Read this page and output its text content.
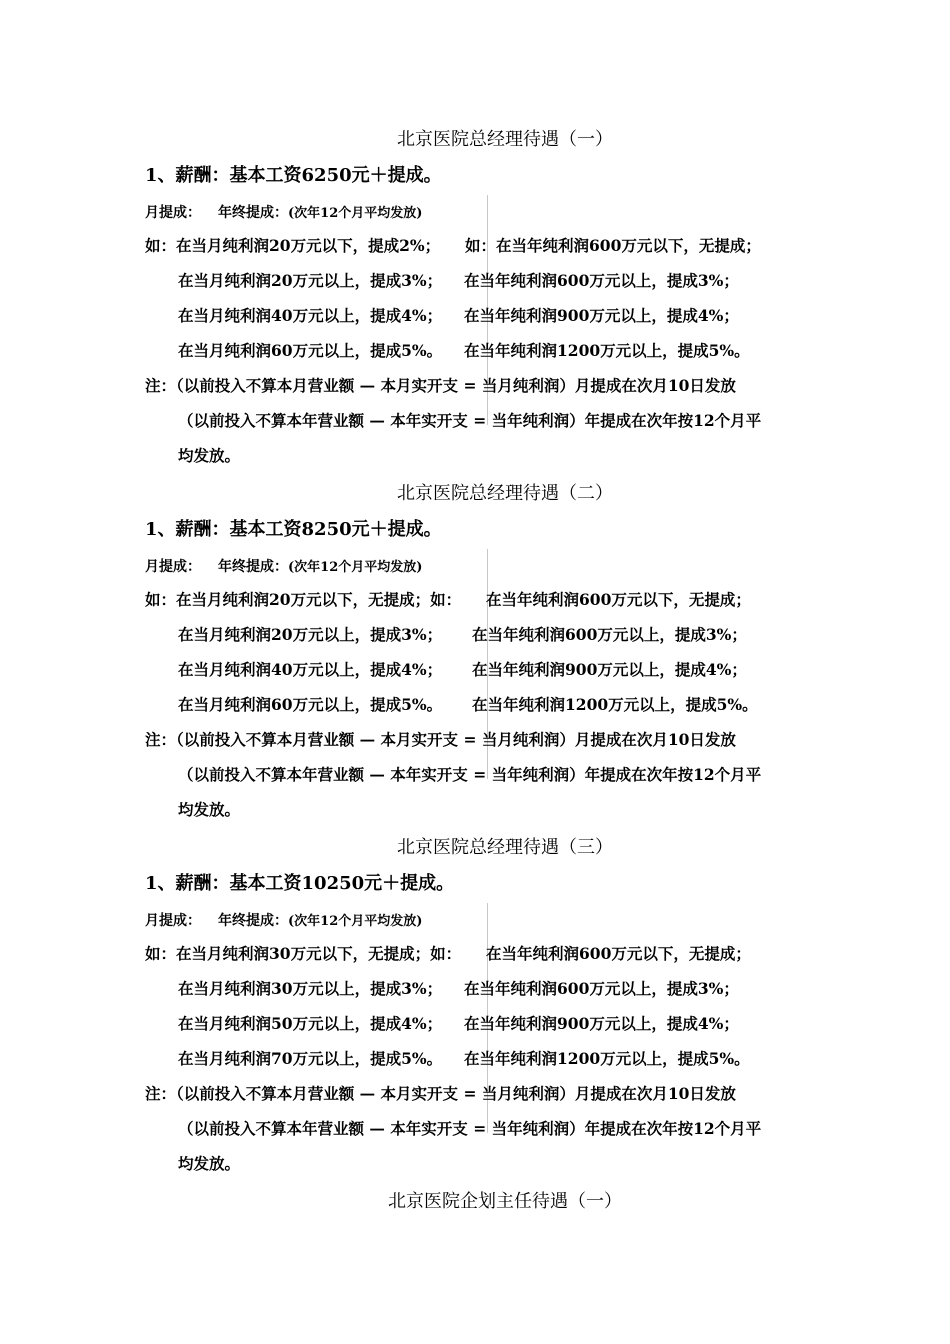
北京医院总经理待遇（一）
1、薪酬：基本工资6250元＋提成。
月提成： 年终提成：(次年12个月平均发放)
如：在当月纯利润20万元以下，提成2%； 如：在当年纯利润600万元以下，无提成；
在当月纯利润20万元以上，提成3%； 在当年纯利润600万元以上，提成3%；
在当月纯利润40万元以上，提成4%； 在当年纯利润900万元以上，提成4%；
在当月纯利润60万元以上，提成5%。 在当年纯利润1200万元以上，提成5%。
注：（以前投入不算本月营业额 — 本月实开支 = 当月纯利润）月提成在次月10日发放
（以前投入不算本年营业额 — 本年实开支 = 当年纯利润）年提成在次年按12个月平
均发放。
北京医院总经理待遇（二）
1、薪酬：基本工资8250元＋提成。
月提成： 年终提成：(次年12个月平均发放)
如：在当月纯利润20万元以下，无提成；如： 在当年纯利润600万元以下，无提成；
在当月纯利润20万元以上，提成3%； 在当年纯利润600万元以上，提成3%；
在当月纯利润40万元以上，提成4%； 在当年纯利润900万元以上，提成4%；
在当月纯利润60万元以上，提成5%。 在当年纯利润1200万元以上，提成5%。
注：（以前投入不算本月营业额 — 本月实开支 = 当月纯利润）月提成在次月10日发放
（以前投入不算本年营业额 — 本年实开支 = 当年纯利润）年提成在次年按12个月平
均发放。
北京医院总经理待遇（三）
1、薪酬：基本工资10250元＋提成。
月提成： 年终提成：(次年12个月平均发放)
如：在当月纯利润30万元以下，无提成；如： 在当年纯利润600万元以下，无提成；
在当月纯利润30万元以上，提成3%； 在当年纯利润600万元以上，提成3%；
在当月纯利润50万元以上，提成4%； 在当年纯利润900万元以上，提成4%；
在当月纯利润70万元以上，提成5%。 在当年纯利润1200万元以上，提成5%。
注：（以前投入不算本月营业额 — 本月实开支 = 当月纯利润）月提成在次月10日发放
（以前投入不算本年营业额 — 本年实开支 = 当年纯利润）年提成在次年按12个月平
均发放。
北京医院企划主任待遇（一）
